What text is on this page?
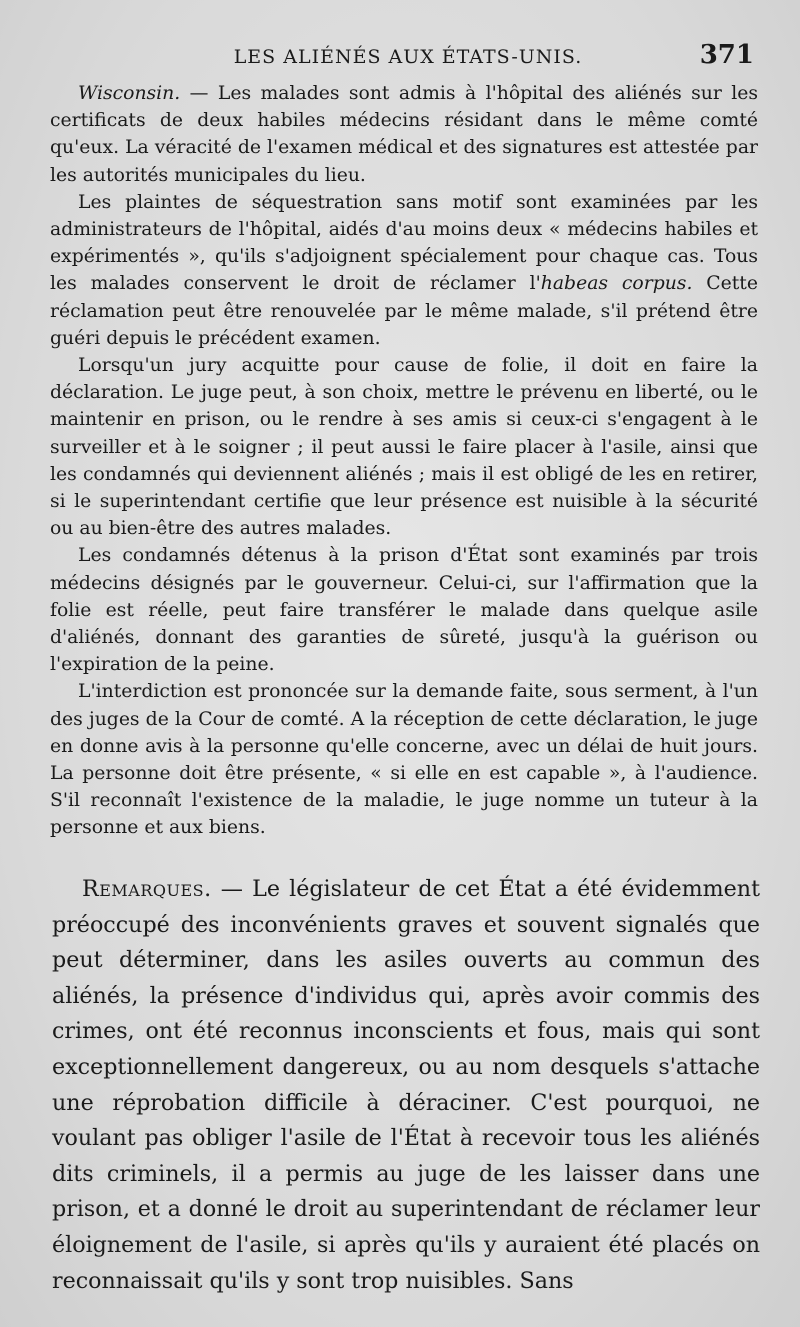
LES ALIÉNÉS AUX ÉTATS-UNIS.	371

Wisconsin. — Les malades sont admis à l'hôpital des aliénés sur les certificats de deux habiles médecins résidant dans le même comté qu'eux. La véracité de l'examen médical et des signatures est attestée par les autorités municipales du lieu.

Les plaintes de séquestration sans motif sont examinées par les administrateurs de l'hôpital, aidés d'au moins deux « médecins habiles et expérimentés », qu'ils s'adjoignent spécialement pour chaque cas. Tous les malades conservent le droit de réclamer l'habeas corpus. Cette réclamation peut être renouvelée par le même malade, s'il prétend être guéri depuis le précédent examen.

Lorsqu'un jury acquitte pour cause de folie, il doit en faire la déclaration. Le juge peut, à son choix, mettre le prévenu en liberté, ou le maintenir en prison, ou le rendre à ses amis si ceux-ci s'engagent à le surveiller et à le soigner ; il peut aussi le faire placer à l'asile, ainsi que les condamnés qui deviennent aliénés ; mais il est obligé de les en retirer, si le superintendant certifie que leur présence est nuisible à la sécurité ou au bien-être des autres malades.

Les condamnés détenus à la prison d'État sont examinés par trois médecins désignés par le gouverneur. Celui-ci, sur l'affirmation que la folie est réelle, peut faire transférer le malade dans quelque asile d'aliénés, donnant des garanties de sûreté, jusqu'à la guérison ou l'expiration de la peine.

L'interdiction est prononcée sur la demande faite, sous serment, à l'un des juges de la Cour de comté. A la réception de cette déclaration, le juge en donne avis à la personne qu'elle concerne, avec un délai de huit jours. La personne doit être présente, « si elle en est capable », à l'audience. S'il reconnaît l'existence de la maladie, le juge nomme un tuteur à la personne et aux biens.

Remarques. — Le législateur de cet État a été évidemment préoccupé des inconvénients graves et souvent signalés que peut déterminer, dans les asiles ouverts au commun des aliénés, la présence d'individus qui, après avoir commis des crimes, ont été reconnus inconscients et fous, mais qui sont exceptionnellement dangereux, ou au nom desquels s'attache une réprobation difficile à déraciner. C'est pourquoi, ne voulant pas obliger l'asile de l'État à recevoir tous les aliénés dits criminels, il a permis au juge de les laisser dans une prison, et a donné le droit au superintendant de réclamer leur éloignement de l'asile, si après qu'ils y auraient été placés on reconnaissait qu'ils y sont trop nuisibles. Sans
